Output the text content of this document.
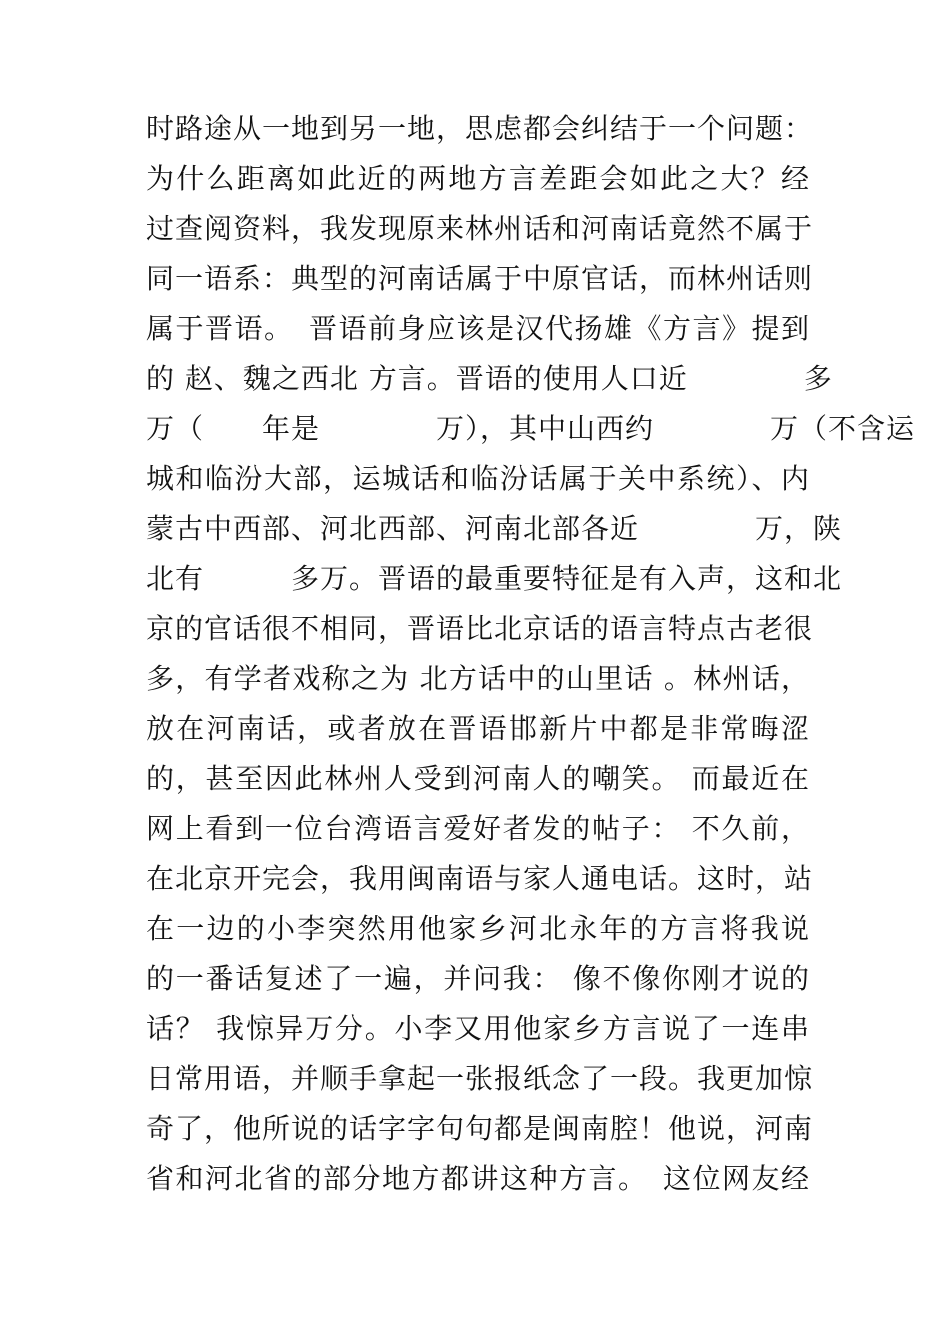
时路途从一地到另一地，思虑都会纠结于一个问题：
为什么距离如此近的两地方言差距会如此之大？经
过查阅资料，我发现原来林州话和河南话竟然不属于
同一语系：典型的河南话属于中原官话，而林州话则
属于晋语。　晋语前身应该是汉代扬雄《方言》提到
的 赵、魏之西北 方言。晋语的使用人口近　　　　多
万（　　年是　　　　万），其中山西约　　　　万（不含运
城和临汾大部，运城话和临汾话属于关中系统）、内
蒙古中西部、河北西部、河南北部各近　　　　万，陕
北有　　　多万。晋语的最重要特征是有入声，这和北
京的官话很不相同，晋语比北京话的语言特点古老很
多，有学者戏称之为 北方话中的山里话 。林州话，
放在河南话，或者放在晋语邯新片中都是非常晦涩
的，甚至因此林州人受到河南人的嘲笑。 而最近在
网上看到一位台湾语言爱好者发的帖子： 不久前，
在北京开完会，我用闽南语与家人通电话。这时，站
在一边的小李突然用他家乡河北永年的方言将我说
的一番话复述了一遍，并问我： 像不像你刚才说的
话？ 我惊异万分。小李又用他家乡方言说了一连串
日常用语，并顺手拿起一张报纸念了一段。我更加惊
奇了，他所说的话字字句句都是闽南腔！他说，河南
省和河北省的部分地方都讲这种方言。　这位网友经
